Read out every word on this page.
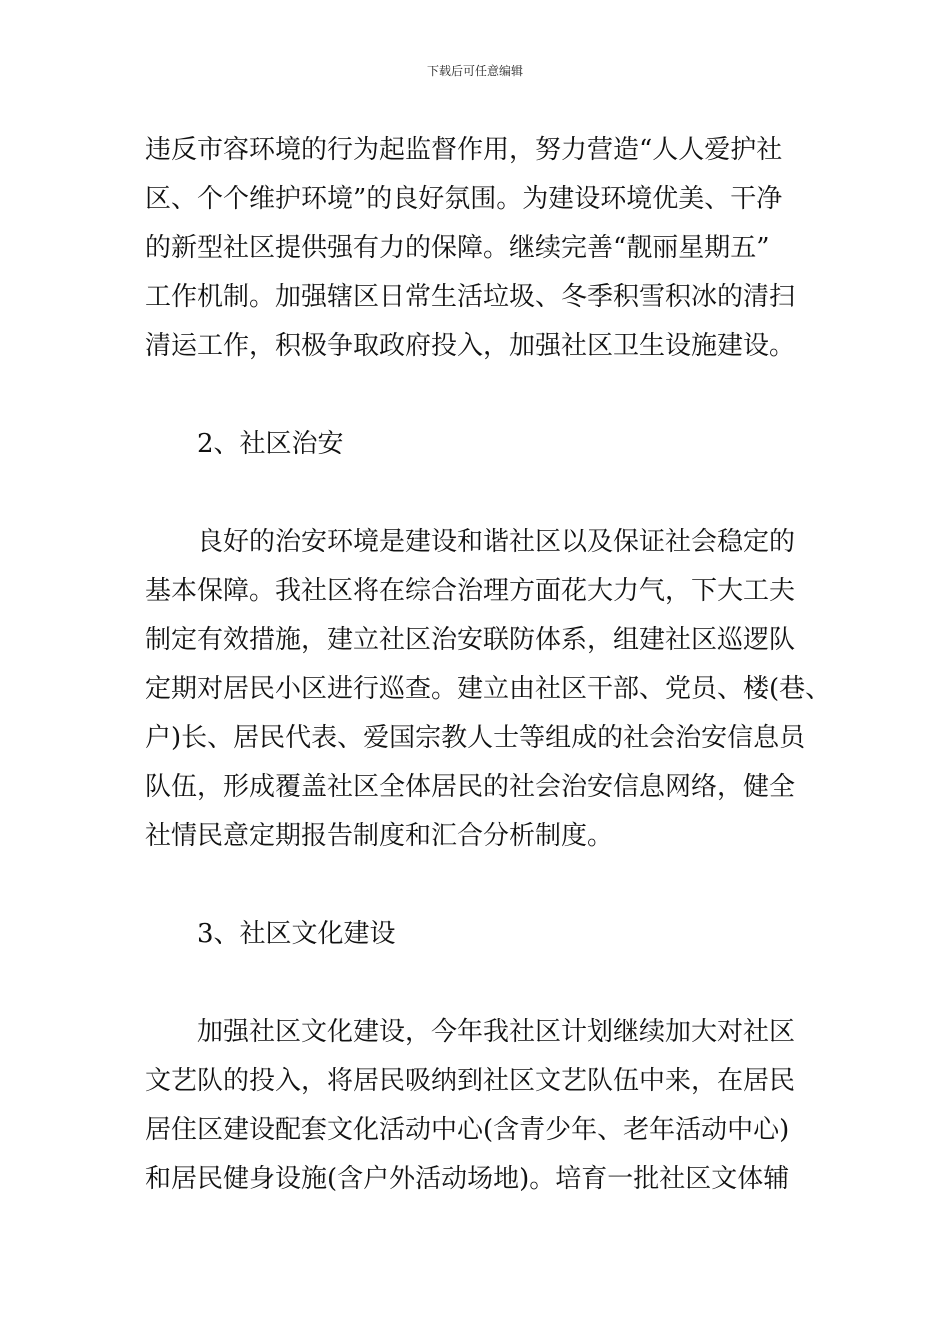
下载后可任意编辑
违反市容环境的行为起监督作用，努力营造“人人爱护社
区、个个维护环境”的良好氛围。为建设环境优美、干净
的新型社区提供强有力的保障。继续完善“靓丽星期五”
工作机制。加强辖区日常生活垃圾、冬季积雪积冰的清扫
清运工作，积极争取政府投入，加强社区卫生设施建设。
2、社区治安
良好的治安环境是建设和谐社区以及保证社会稳定的
基本保障。我社区将在综合治理方面花大力气，下大工夫
制定有效措施，建立社区治安联防体系，组建社区巡逻队
定期对居民小区进行巡查。建立由社区干部、党员、楼(巷、
户)长、居民代表、爱国宗教人士等组成的社会治安信息员
队伍，形成覆盖社区全体居民的社会治安信息网络，健全
社情民意定期报告制度和汇合分析制度。
3、社区文化建设
加强社区文化建设，今年我社区计划继续加大对社区
文艺队的投入，将居民吸纳到社区文艺队伍中来，在居民
居住区建设配套文化活动中心(含青少年、老年活动中心)
和居民健身设施(含户外活动场地)。培育一批社区文体辅
